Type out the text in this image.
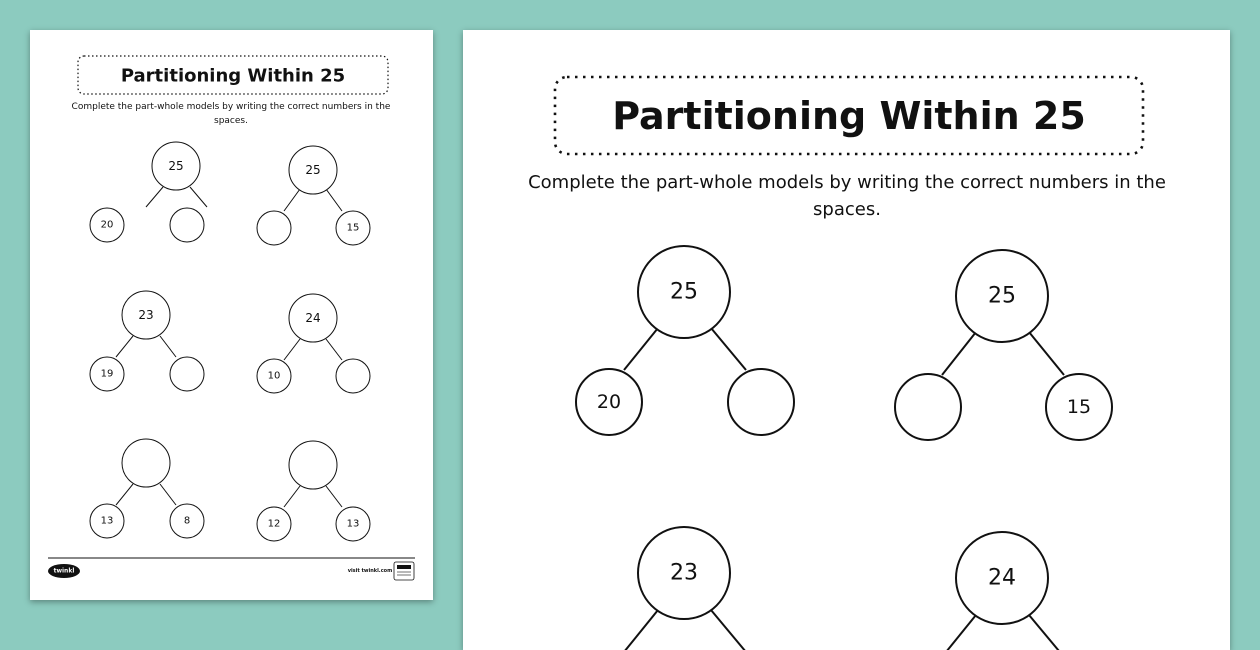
Partitioning Within 25
Complete the part-whole models by writing the correct numbers in the
spaces.
25
20
25
15
23
19
24
10
13	8	12	13
twinkl	visit twinkl.com
Partitioning Within 25
Complete the part-whole models by writing the correct numbers in the
spaces.
25
20
25
15
23	24
